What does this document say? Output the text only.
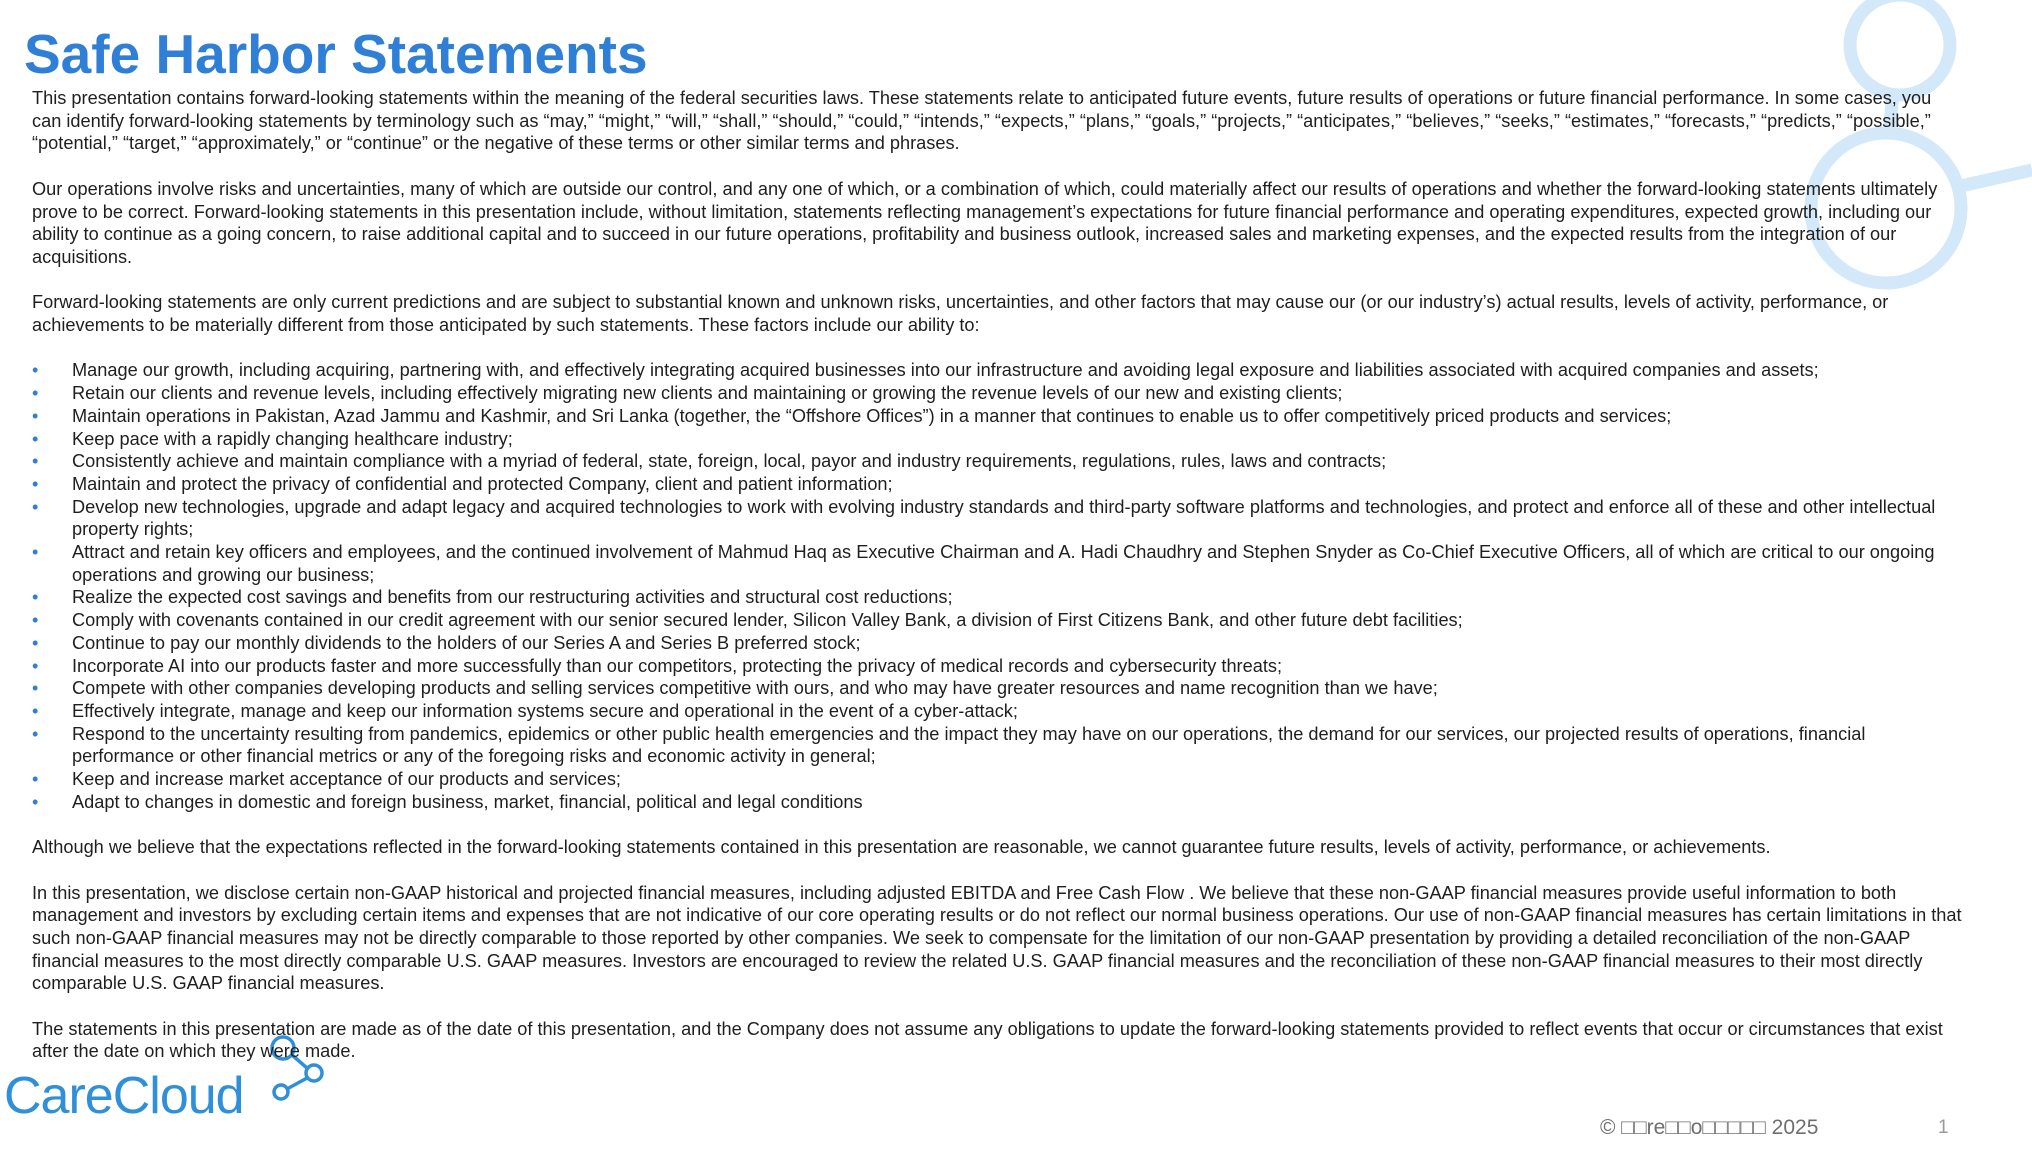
Safe Harbor Statements

This presentation contains forward-looking statements within the meaning of the federal securities laws. These statements relate to anticipated future events, future results of operations or future financial performance. In some cases, you can identify forward-looking statements by terminology such as “may,” “might,” “will,” “shall,” “should,” “could,” “intends,” “expects,” “plans,” “goals,” “projects,” “anticipates,” “believes,” “seeks,” “estimates,” “forecasts,” “predicts,” “possible,” “potential,” “target,” “approximately,” or “continue” or the negative of these terms or other similar terms and phrases.

Our operations involve risks and uncertainties, many of which are outside our control, and any one of which, or a combination of which, could materially affect our results of operations and whether the forward-looking statements ultimately prove to be correct. Forward-looking statements in this presentation include, without limitation, statements reflecting management’s expectations for future financial performance and operating expenditures, expected growth, including our ability to continue as a going concern, to raise additional capital and to succeed in our future operations, profitability and business outlook, increased sales and marketing expenses, and the expected results from the integration of our acquisitions.

Forward-looking statements are only current predictions and are subject to substantial known and unknown risks, uncertainties, and other factors that may cause our (or our industry’s) actual results, levels of activity, performance, or achievements to be materially different from those anticipated by such statements. These factors include our ability to:

• Manage our growth, including acquiring, partnering with, and effectively integrating acquired businesses into our infrastructure and avoiding legal exposure and liabilities associated with acquired companies and assets;
• Retain our clients and revenue levels, including effectively migrating new clients and maintaining or growing the revenue levels of our new and existing clients;
• Maintain operations in Pakistan, Azad Jammu and Kashmir, and Sri Lanka (together, the “Offshore Offices”) in a manner that continues to enable us to offer competitively priced products and services;
• Keep pace with a rapidly changing healthcare industry;
• Consistently achieve and maintain compliance with a myriad of federal, state, foreign, local, payor and industry requirements, regulations, rules, laws and contracts;
• Maintain and protect the privacy of confidential and protected Company, client and patient information;
• Develop new technologies, upgrade and adapt legacy and acquired technologies to work with evolving industry standards and third-party software platforms and technologies, and protect and enforce all of these and other intellectual property rights;
• Attract and retain key officers and employees, and the continued involvement of Mahmud Haq as Executive Chairman and A. Hadi Chaudhry and Stephen Snyder as Co-Chief Executive Officers, all of which are critical to our ongoing operations and growing our business;
• Realize the expected cost savings and benefits from our restructuring activities and structural cost reductions;
• Comply with covenants contained in our credit agreement with our senior secured lender, Silicon Valley Bank, a division of First Citizens Bank, and other future debt facilities;
• Continue to pay our monthly dividends to the holders of our Series A and Series B preferred stock;
• Incorporate AI into our products faster and more successfully than our competitors, protecting the privacy of medical records and cybersecurity threats;
• Compete with other companies developing products and selling services competitive with ours, and who may have greater resources and name recognition than we have;
• Effectively integrate, manage and keep our information systems secure and operational in the event of a cyber-attack;
• Respond to the uncertainty resulting from pandemics, epidemics or other public health emergencies and the impact they may have on our operations, the demand for our services, our projected results of operations, financial performance or other financial metrics or any of the foregoing risks and economic activity in general;
• Keep and increase market acceptance of our products and services;
• Adapt to changes in domestic and foreign business, market, financial, political and legal conditions

Although we believe that the expectations reflected in the forward-looking statements contained in this presentation are reasonable, we cannot guarantee future results, levels of activity, performance, or achievements.

In this presentation, we disclose certain non-GAAP historical and projected financial measures, including adjusted EBITDA and Free Cash Flow . We believe that these non-GAAP financial measures provide useful information to both management and investors by excluding certain items and expenses that are not indicative of our core operating results or do not reflect our normal business operations. Our use of non-GAAP financial measures has certain limitations in that such non-GAAP financial measures may not be directly comparable to those reported by other companies. We seek to compensate for the limitation of our non-GAAP presentation by providing a detailed reconciliation of the non-GAAP financial measures to the most directly comparable U.S. GAAP measures. Investors are encouraged to review the related U.S. GAAP financial measures and the reconciliation of these non-GAAP financial measures to their most directly comparable U.S. GAAP financial measures.

The statements in this presentation are made as of the date of this presentation, and the Company does not assume any obligations to update the forward-looking statements provided to reflect events that occur or circumstances that exist after the date on which they were made.

CareCloud
© □□re□□o□□□□□ 2025	1
